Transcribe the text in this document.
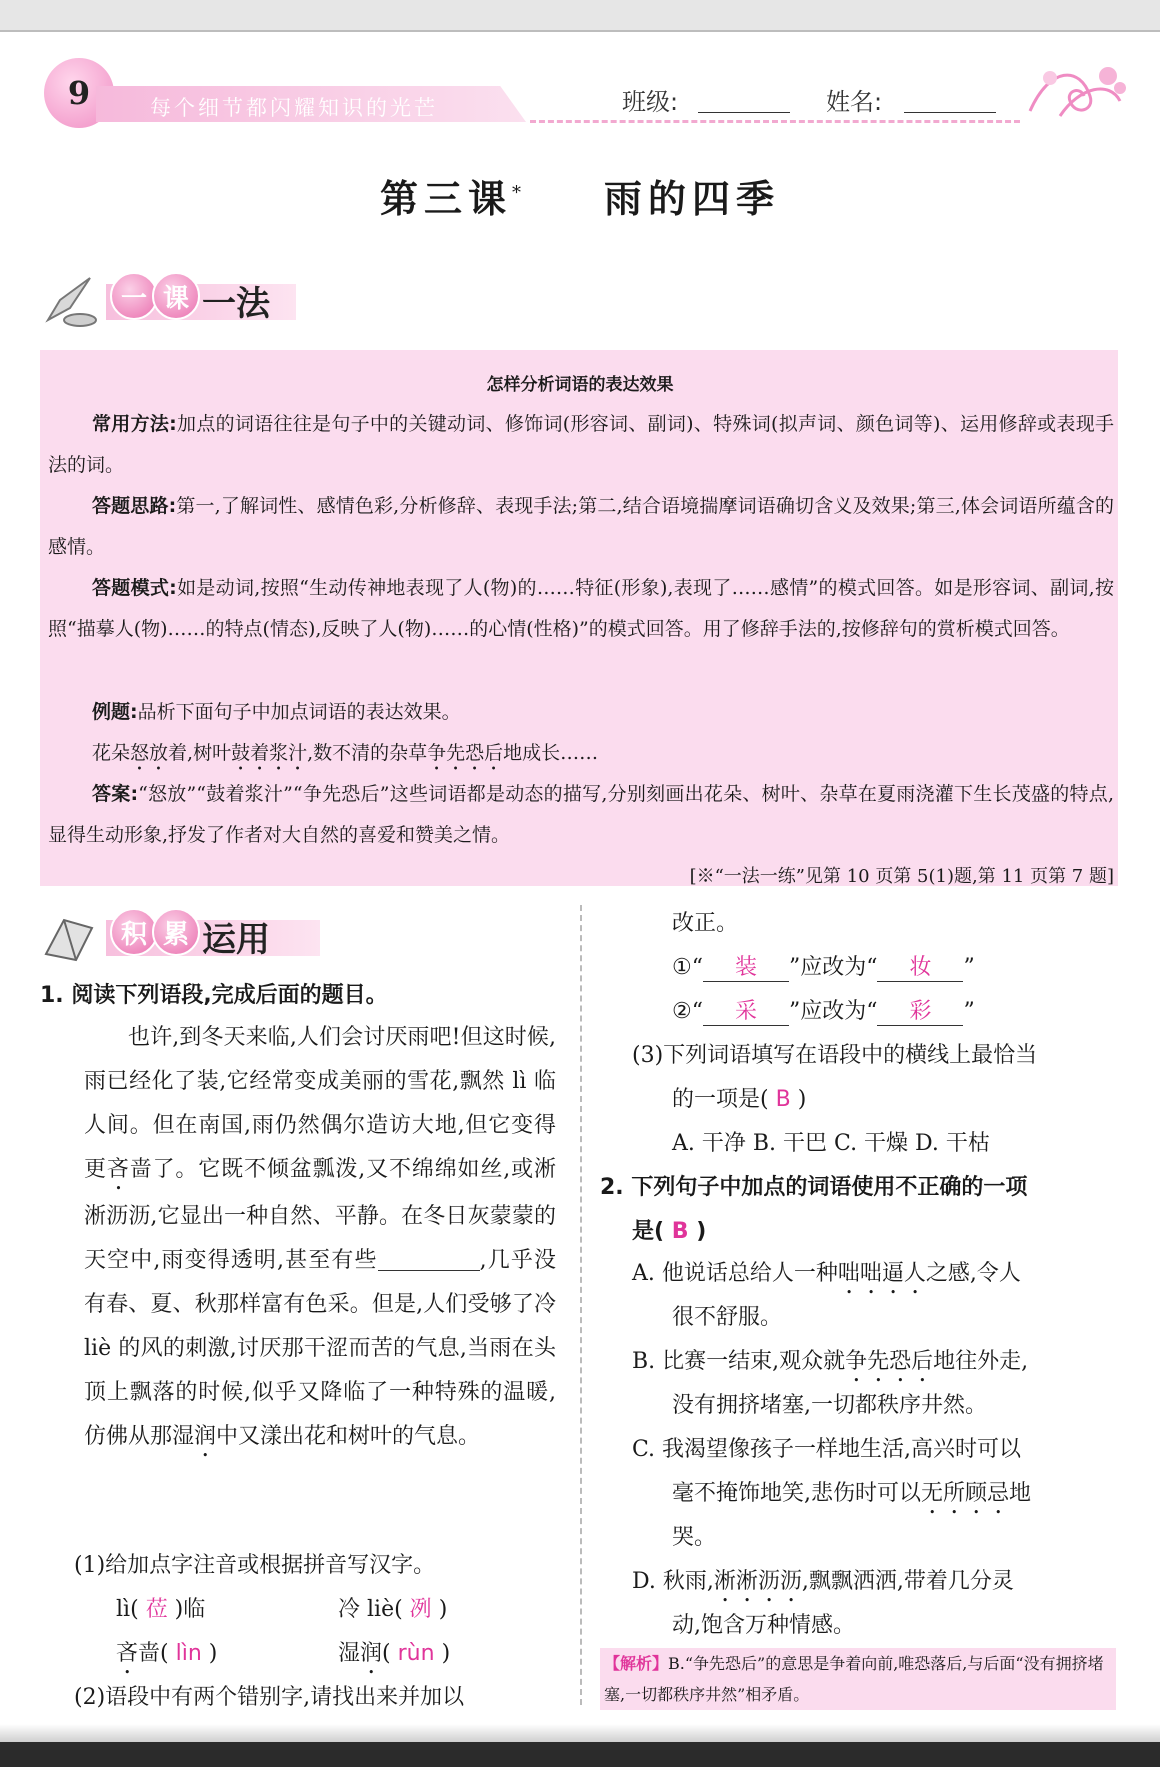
9	每个细节都闪耀知识的光芒	班级:	姓名:
第三课* 雨的四季
一 课 一法
怎样分析词语的表达效果
常用方法:加点的词语往往是句子中的关键动词、修饰词(形容词、副词)、特殊词(拟声词、颜色词等)、运用修辞或表现手法的词。
答题思路:第一,了解词性、感情色彩,分析修辞、表现手法;第二,结合语境揣摩词语确切含义及效果;第三,体会词语所蕴含的感情。
答题模式:如是动词,按照“生动传神地表现了人(物)的……特征(形象),表现了……感情”的模式回答。如是形容词、副词,按照“描摹人(物)……的特点(情态),反映了人(物)……的心情(性格)”的模式回答。用了修辞手法的,按修辞句的赏析模式回答。
例题:品析下面句子中加点词语的表达效果。
花朵怒放着,树叶鼓着浆汁,数不清的杂草争先恐后地成长……
答案:“怒放”“鼓着浆汁”“争先恐后”这些词语都是动态的描写,分别刻画出花朵、树叶、杂草在夏雨浇灌下生长茂盛的特点,显得生动形象,抒发了作者对大自然的喜爱和赞美之情。
[※“一法一练”见第 10 页第 5(1)题,第 11 页第 7 题]
积 累 运用
1. 阅读下列语段,完成后面的题目。
也许,到冬天来临,人们会讨厌雨吧!但这时候,雨已经化了装,它经常变成美丽的雪花,飘然 lì 临人间。但在南国,雨仍然偶尔造访大地,但它变得更吝啬了。它既不倾盆瓢泼,又不绵绵如丝,或淅淅沥沥,它显出一种自然、平静。在冬日灰蒙蒙的天空中,雨变得透明,甚至有些	,几乎没有春、夏、秋那样富有色采。但是,人们受够了冷 liè 的风的刺激,讨厌那干涩而苦的气息,当雨在头顶上飘落的时候,似乎又降临了一种特殊的温暖,仿佛从那湿润中又漾出花和树叶的气息。
(1)给加点字注音或根据拼音写汉字。
lì( 莅 )临	冷 liè( 冽 )
吝啬( lìn )	湿润( rùn )
(2)语段中有两个错别字,请找出来并加以
改正。
①“ 装 ”应改为“ 妆 ”
②“ 采 ”应改为“ 彩 ”
(3)下列词语填写在语段中的横线上最恰当
的一项是( B )
A. 干净 B. 干巴 C. 干燥 D. 干枯
2. 下列句子中加点的词语使用不正确的一项
是( B )
A. 他说话总给人一种咄咄逼人之感,令人
很不舒服。
B. 比赛一结束,观众就争先恐后地往外走,
没有拥挤堵塞,一切都秩序井然。
C. 我渴望像孩子一样地生活,高兴时可以
毫不掩饰地笑,悲伤时可以无所顾忌地
哭。
D. 秋雨,淅淅沥沥,飘飘洒洒,带着几分灵
动,饱含万种情感。
【解析】B.“争先恐后”的意思是争着向前,唯恐落后,与后面“没有拥挤堵塞,一切都秩序井然”相矛盾。
